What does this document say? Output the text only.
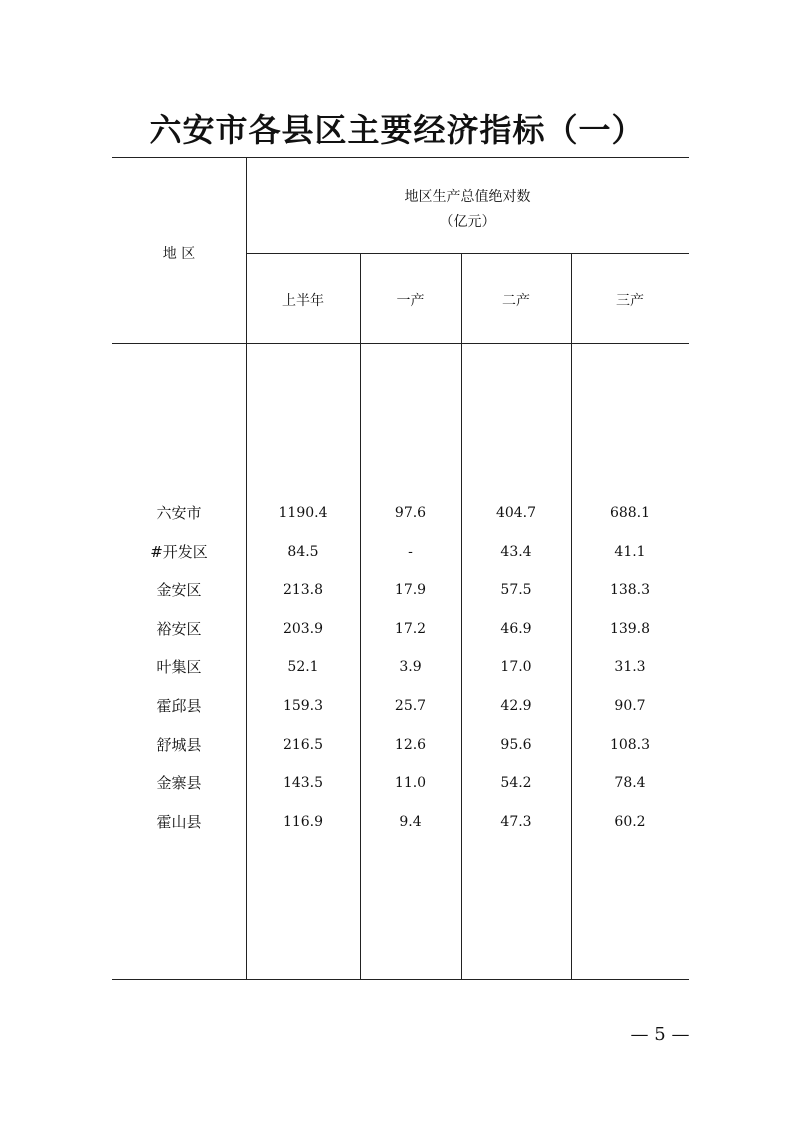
六安市各县区主要经济指标（一）
地 区
地区生产总值绝对数
（亿元）
上半年	一产	二产	三产
六安市	1190.4	97.6	404.7	688.1
#开发区	84.5	-	43.4	41.1
金安区	213.8	17.9	57.5	138.3
裕安区	203.9	17.2	46.9	139.8
叶集区	52.1	3.9	17.0	31.3
霍邱县	159.3	25.7	42.9	90.7
舒城县	216.5	12.6	95.6	108.3
金寨县	143.5	11.0	54.2	78.4
霍山县	116.9	9.4	47.3	60.2
— 5 —
